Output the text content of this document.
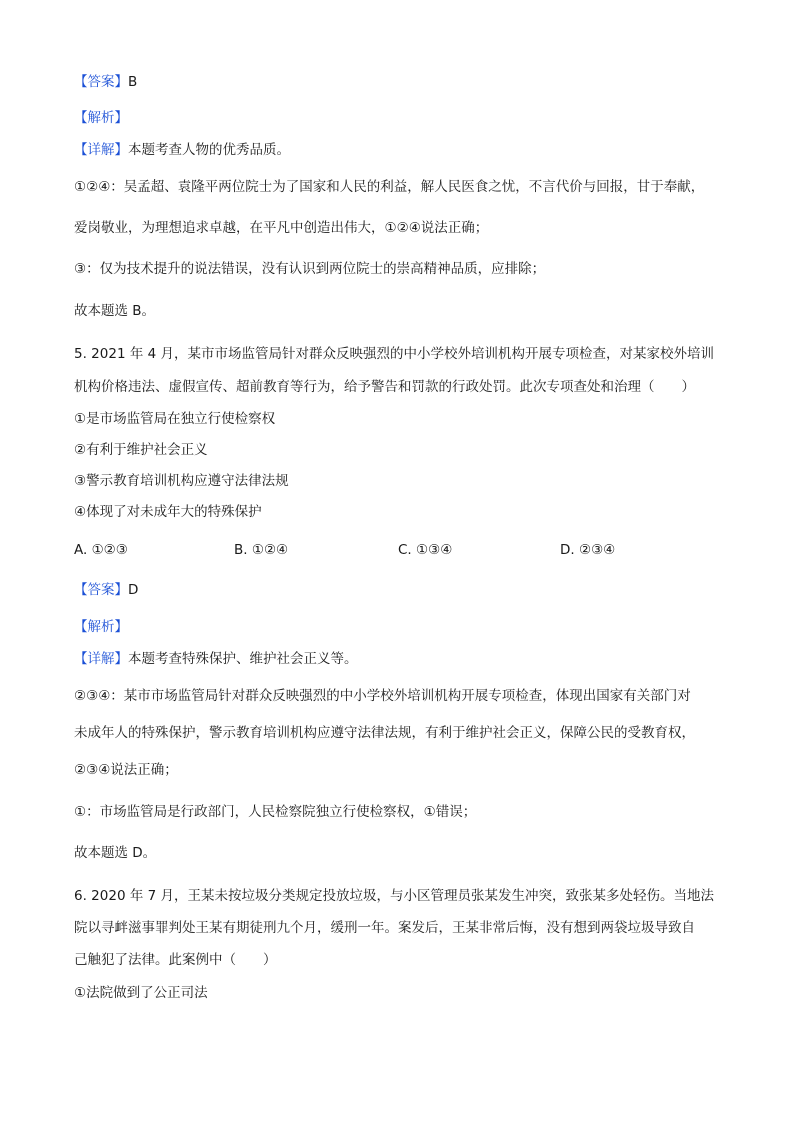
【答案】B
【解析】
【详解】本题考查人物的优秀品质。
①②④：吴孟超、袁隆平两位院士为了国家和人民的利益，解人民医食之忧，不言代价与回报，甘于奉献，
爱岗敬业，为理想追求卓越，在平凡中创造出伟大，①②④说法正确；
③：仅为技术提升的说法错误，没有认识到两位院士的崇高精神品质，应排除；
故本题选 B。
5. 2021 年 4 月，某市市场监管局针对群众反映强烈的中小学校外培训机构开展专项检查，对某家校外培训
机构价格违法、虚假宣传、超前教育等行为，给予警告和罚款的行政处罚。此次专项查处和治理（　　）
①是市场监管局在独立行使检察权
②有利于维护社会正义
③警示教育培训机构应遵守法律法规
④体现了对未成年大的特殊保护
A. ①②③	B. ①②④	C. ①③④	D. ②③④
【答案】D
【解析】
【详解】本题考查特殊保护、维护社会正义等。
②③④：某市市场监管局针对群众反映强烈的中小学校外培训机构开展专项检查，体现出国家有关部门对
未成年人的特殊保护，警示教育培训机构应遵守法律法规，有利于维护社会正义，保障公民的受教育权，
②③④说法正确；
①：市场监管局是行政部门，人民检察院独立行使检察权，①错误；
故本题选 D。
6. 2020 年 7 月，王某未按垃圾分类规定投放垃圾，与小区管理员张某发生冲突，致张某多处轻伤。当地法
院以寻衅滋事罪判处王某有期徒刑九个月，缓刑一年。案发后，王某非常后悔，没有想到两袋垃圾导致自
己触犯了法律。此案例中（　　）
①法院做到了公正司法
